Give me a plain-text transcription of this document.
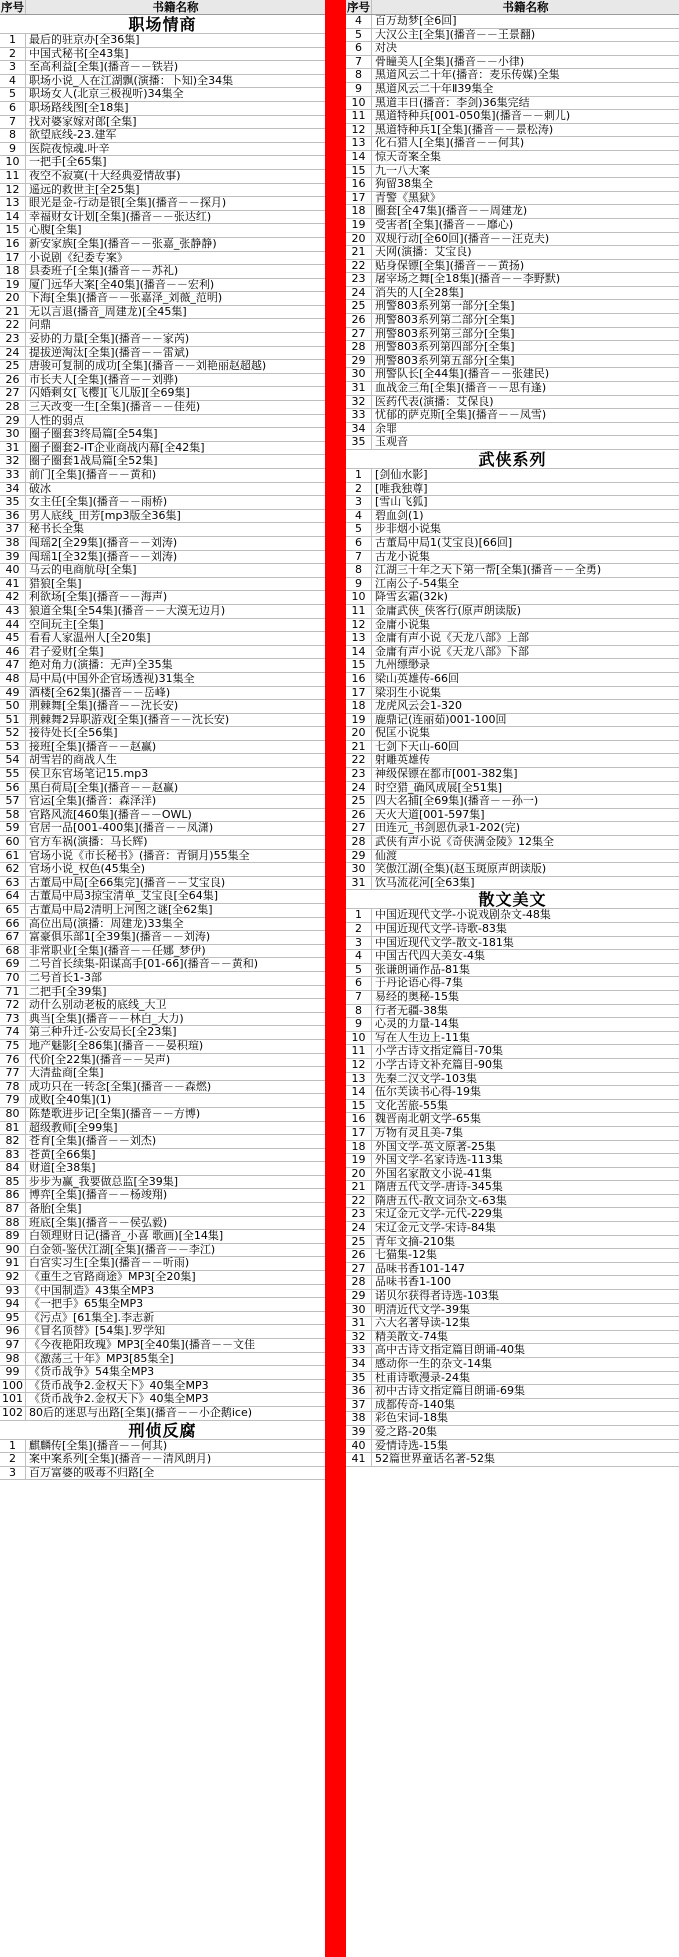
序号	书籍名称
职场情商
1	最后的驻京办[全36集]
2	中国式秘书[全43集]
3	至高利益[全集](播音－－铁岩)
4	职场小说_人在江湖飘(演播：卜知)全34集
5	职场女人(北京三极视听)34集全
6	职场路线图[全18集]
7	找对婆家嫁对郎[全集]
8	欲望底线-23.建军
9	医院夜惊魂.叶辛
10 一把手[全65集]
11 夜空不寂寞(十大经典爱情故事)
12 遥远的救世主[全25集]
13 眼光是金-行动是银[全集](播音－－探月)
14 幸福财女计划[全集](播音－－张达红)
15 心腹[全集]
16 新安家族[全集](播音－－张嘉_张静静)
17 小说剧《纪委专案》
18 县委班子[全集](播音－－苏礼)
19 厦门远华大案[全40集](播音－－宏利)
20 下海[全集](播音－－张嘉泽_刘薇_范明)
21 无以言退(播音_周建龙)[全45集]
22 问鼎
23 妥协的力量[全集](播音－－家芮)
24 提拔逆淘汰[全集](播音－－雷斌)
25 唐骏可复制的成功[全集](播音－－刘艳丽赵超越)
26 市长夫人[全集](播音－－刘骅)
27 闪婚剩女[飞樱][飞儿版][全69集]
28 三天改变一生[全集](播音－－佳苑)
29 人性的弱点
30 圈子圈套3终局篇[全54集]
31 圈子圈套2-IT企业商战内幕[全42集]
32 圈子圈套1战局篇[全52集]
33 前门[全集](播音－－黄和)
34 破冰
35 女主任[全集](播音－－雨桥)
36 男人底线_田芳[mp3版全36集]
37 秘书长全集
38 闯瑶2[全29集](播音－－刘涛)
39 闯瑶1[全32集](播音－－刘涛)
40 马云的电商航母[全集]
41 猎狼[全集]
42 利欲场[全集](播音－－海声)
43 狼道全集[全54集](播音－－大漠无边月)
44 空间玩主[全集]
45 看看人家温州人[全20集]
46 君子爱财[全集]
47 绝对角力(演播：无声)全35集
48 局中局(中国外企官场透视)31集全
49 酒楼[全62集](播音－－岳峰)
50 荆棘舞[全集](播音－－沈长安)
51 荆棘舞2异职游戏[全集](播音－－沈长安)
52 接待处长[全56集]
53 接班[全集](播音－－赵赢)
54 胡雪岩的商战人生
55 侯卫东官场笔记15.mp3
56 黑白荷局[全集](播音－－赵赢)
57 官运[全集](播音：森泽洋)
58 官路风流[460集](播音－－OWL)
59 官居一品[001-400集](播音－－凤潇)
60 官方车祸(演播：马长辉)
61 官场小说《市长秘书》(播音：青铜月)55集全
62 官场小说_权色(45集全)
63 古董局中局[全66集完](播音－－艾宝良)
64 古董局中局3掠宝清单_艾宝良[全64集]
65 古董局中局2清明上河图之谜[全62集]
66 高位出局(演播：周建龙)33集全
67 富豪俱乐部1[全39集](播音－－刘涛)
68 非常职业[全集](播音－－任娜_梦伊)
69 二号首长续集-阳谋高手[01-66](播音－－黄和)
70 二号首长1-3部
71 二把手[全39集]
72 动什么别动老板的底线_大卫
73 典当[全集](播音－－林白_大力)
74 第三种升迁-公安局长[全23集]
75 地产魅影[全86集](播音－－晏积瑄)
76 代价[全22集](播音－－吴声)
77 大清盐商[全集]
78 成功只在一转念[全集](播音－－森燃)
79 成败[全40集](1)
80 陈楚歌进步记[全集](播音－－方博)
81 超级教师[全99集]
82 苍育[全集](播音－－刘杰)
83 苍黄[全66集]
84 财道[全38集]
85 步步为赢_我要做总监[全39集]
86 博弈[全集](播音－－杨竣翔)
87 备胎[全集]
88 班底[全集](播音－－侯弘毅)
89 白领理财日记(播音_小喜 歌画)[全14集]
90 白金领-鉴伏江湖[全集](播音－－李江)
91 白宫实习生[全集](播音－－听雨)
92 《重生之官路商途》MP3[全20集]
93 《中国制造》43集全MP3
94 《一把手》65集全MP3
95 《污点》[61集全].李志新
96 《冒名顶替》[54集].罗学知
97 《今夜艳阳玫瑰》MP3[全40集](播音－－文佳
98 《激荡三十年》MP3[85集全]
99 《货币战争》54集全MP3
100 《货币战争2.金权天下》40集全MP3
101 《货币战争2.金权天下》40集全MP3
102 80后的迷思与出路[全集](播音－－小企鹅ice)
刑侦反腐
1	麒麟传[全集](播音－－何其)
2	案中案系列[全集](播音－－清风朗月)
3	百万富婆的吸毒不归路[全
序号	书籍名称
4	百万劫梦[全6回]
5	大汉公主[全集](播音－－王景翻)
6	对决
7	骨瞳美人[全集](播音－－小律)
8	黑道风云二十年(播音：麦乐传媒)全集
9	黑道风云二十年Ⅱ39集全
10 黑道丰日(播音：李剑)36集完结
11 黑道特种兵[001-050集](播音－－刺儿)
12 黑道特种兵1[全集](播音－－景松涛)
13 化石猎人[全集](播音－－何其)
14 惊天奇案全集
15 九一八大案
16 狗留38集全
17 青警《黑狱》
18 圈套[全47集](播音－－周建龙)
19 受害者[全集](播音－－靡心)
20 双规行动[全60回](播音－－汪克夫)
21 天网(演播：艾宝良)
22 贴身保镖[全集](播音－－黄扬)
23 屠宰场之舞[全18集](播音－－李野默)
24 消失的人[全28集]
25 刑警803系列第一部分[全集]
26 刑警803系列第二部分[全集]
27 刑警803系列第三部分[全集]
28 刑警803系列第四部分[全集]
29 刑警803系列第五部分[全集]
30 刑警队长[全44集](播音－－张建民)
31 血战金三角[全集](播音－－思有逢)
32 医药代表(演播：艾保良)
33 忧郁的萨克斯[全集](播音－－凤雪)
34 余罪
35 玉观音
武侠系列
1	[剑仙水影]
2	[唯我独尊]
3	[雪山飞狐]
4	碧血剑(1)
5	步非烟小说集
6	古董局中局1(艾宝良)[66回]
7	古龙小说集
8	江湖三十年之天下第一帮[全集](播音－－全勇)
9	江南公子-54集全
10 降雪玄霜(32k)
11 金庸武侠_侠客行(原声朗读版)
12 金庸小说集
13 金庸有声小说《天龙八部》上部
14 金庸有声小说《天龙八部》下部
15 九州缥缈录
16 梁山英雄传-66回
17 梁羽生小说集
18 龙虎风云会1-320
19 鹿鼎记(连丽茹)001-100回
20 倪匡小说集
21 七剑下天山-60回
22 射雕英雄传
23 神级保镖在都市[001-382集]
24 时空猎_确风成展[全51集]
25 四大名捕[全69集](播音－－孙一)
26 天火大道[001-597集]
27 田连元_书剑恩仇录1-202(完)
28 武侠有声小说《奇侠满金陵》12集全
29 仙渡
30 笑傲江湖(全集)(赵玉斑原声朗读版)
31 饮马流花河[全63集]
散文美文
1	中国近现代文学-小说戏剧杂文-48集
2	中国近现代文学-诗歌-83集
3	中国近现代文学-散文-181集
4	中国古代四大美女-4集
5	张谦朗诵作品-81集
6	于丹论语心得-7集
7	易经的奥秘-15集
8	行者无疆-38集
9	心灵的力量-14集
10 写在人生边上-11集
11 小学古诗文指定篇目-70集
12 小学古诗文补充篇目-90集
13 先秦二汉文学-103集
14 伍尔芙读书心得-19集
15 文化苦旅-55集
16 魏晋南北朝文学-65集
17 万物有灵且美-7集
18 外国文学-英文原著-25集
19 外国文学-名家诗选-113集
20 外国名家散文小说-41集
21 隋唐五代文学-唐诗-345集
22 隋唐五代-散文词杂文-63集
23 宋辽金元文学-元代-229集
24 宋辽金元文学-宋诗-84集
25 青年文摘-210集
26 七猫集-12集
27 品味书香101-147
28 品味书香1-100
29 诺贝尔获得者诗选-103集
30 明清近代文学-39集
31 六大名著导读-12集
32 精美散文-74集
33 高中古诗文指定篇目朗诵-40集
34 感动你一生的杂文-14集
35 杜甫诗歌漫录-24集
36 初中古诗文指定篇目朗诵-69集
37 成都传奇-140集
38 彩色宋词-18集
39 爱之路-20集
40 爱情诗选-15集
41 52篇世界童话名著-52集
